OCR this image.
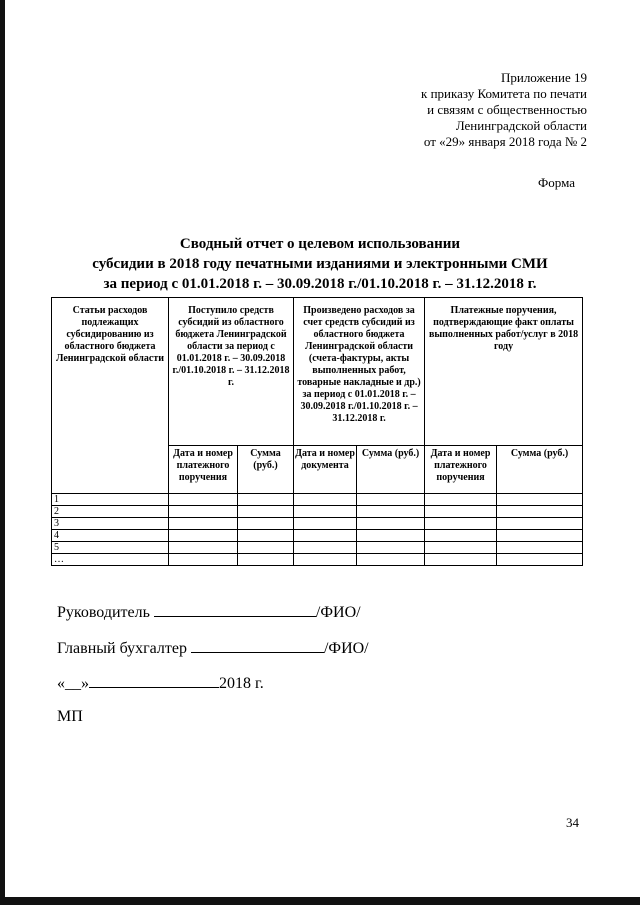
Приложение 19
к приказу Комитета по печати
и связям с общественностью
Ленинградской области
от «29» января 2018 года № 2
Форма
Сводный отчет о целевом использовании
субсидии в 2018 году печатными изданиями и электронными СМИ
за период с 01.01.2018 г. – 30.09.2018 г./01.10.2018 г. – 31.12.2018 г.
Статьи расходов подлежащих субсидированию из областного бюджета Ленинградской области	Поступило средств субсидий из областного бюджета Ленинградской области за период с 01.01.2018 г. – 30.09.2018 г./01.10.2018 г. – 31.12.2018 г.		Произведено расходов за счет средств субсидий из областного бюджета Ленинградской области (счета-фактуры, акты выполненных работ, товарные накладные и др.) за период с 01.01.2018 г. – 30.09.2018 г./01.10.2018 г. – 31.12.2018 г.		Платежные поручения, подтверждающие факт оплаты выполненных работ/услуг в 2018 году	
	Дата и номер платежного поручения	Сумма (руб.)	Дата и номер документа	Сумма (руб.)	Дата и номер платежного поручения	Сумма (руб.)
1						
2						
3						
4						
5						
…						
Руководитель	/ФИО/
Главный бухгалтер	/ФИО/
«__»	2018 г.
МП
34
